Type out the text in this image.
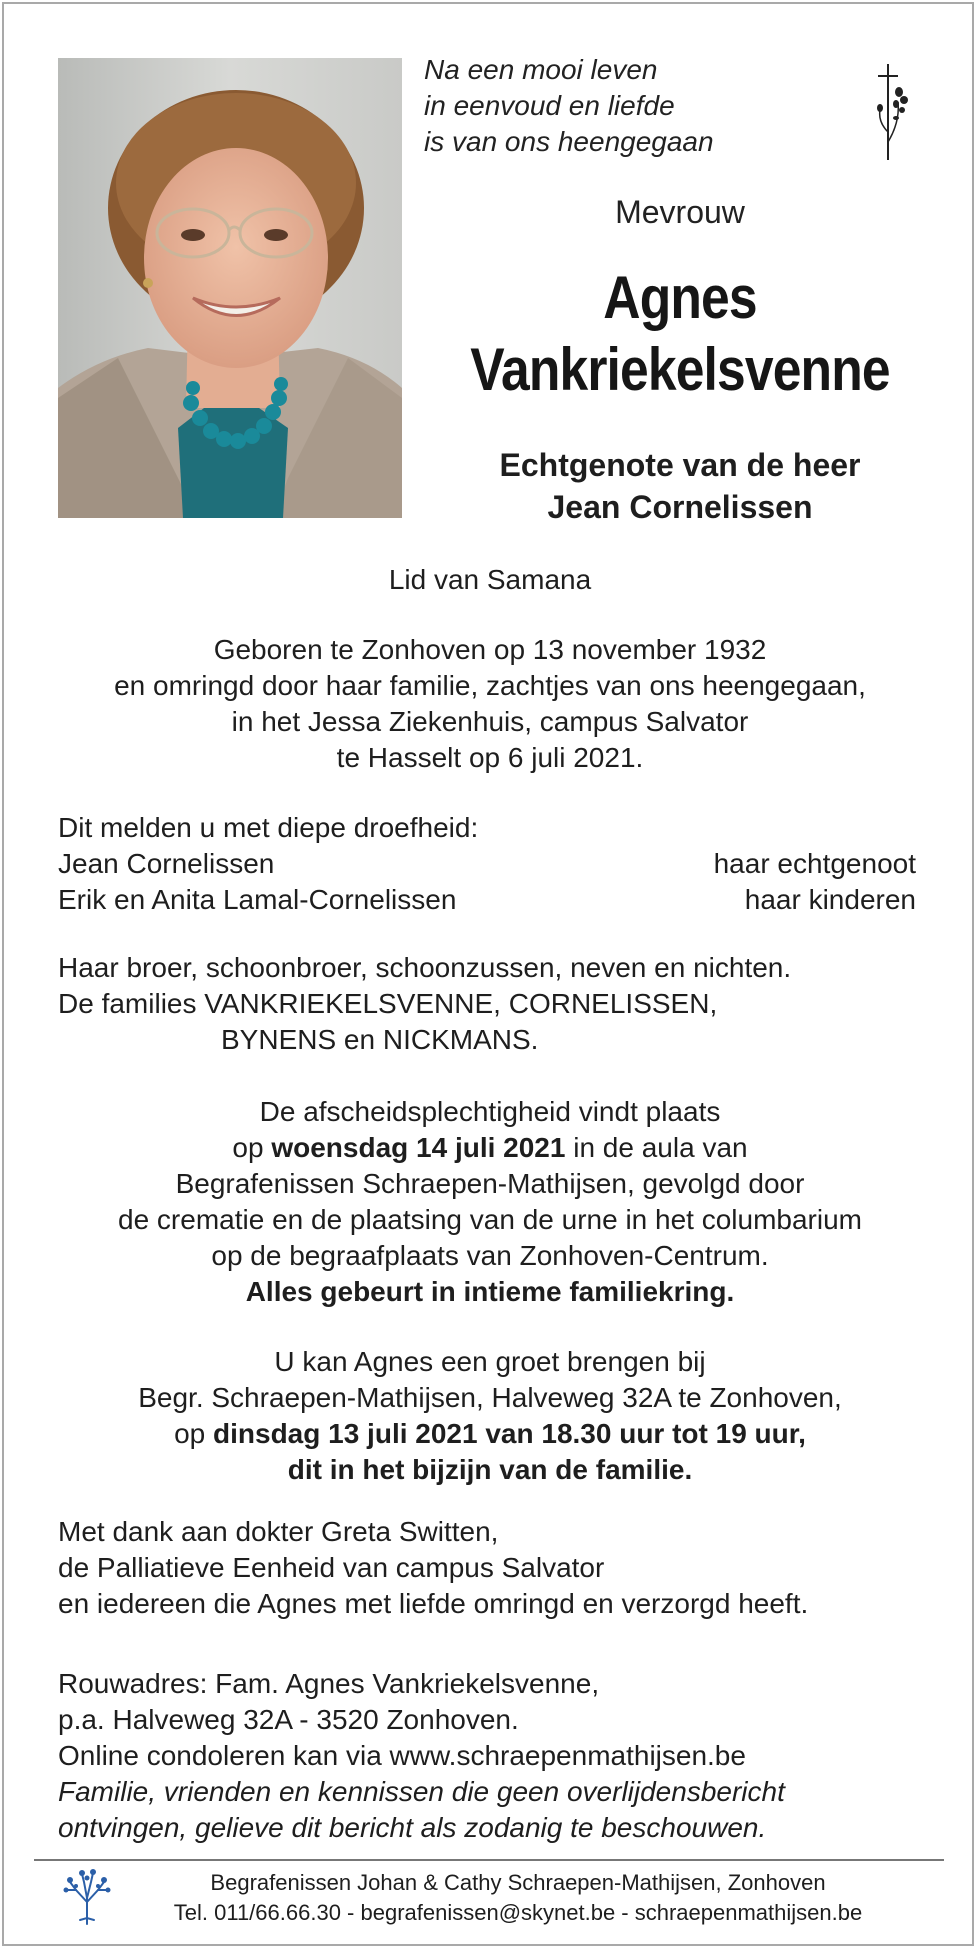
Na een mooi leven
in eenvoud en liefde
is van ons heengegaan

Mevrouw

Agnes
Vankriekelsvenne
Echtgenote van de heer
Jean Cornelissen

Lid van Samana

Geboren te Zonhoven op 13 november 1932
en omringd door haar familie, zachtjes van ons heengegaan,
in het Jessa Ziekenhuis, campus Salvator
te Hasselt op 6 juli 2021.

Dit melden u met diepe droefheid:

Jean Cornelissen	haar echtgenoot

Erik en Anita Lamal-Cornelissen	haar kinderen

Haar broer, schoonbroer, schoonzussen, neven en nichten.
De families VANKRIEKELSVENNE, CORNELISSEN,
BYNENS en NICKMANS.
De afscheidsplechtigheid vindt plaats
op woensdag 14 juli 2021 in de aula van
Begrafenissen Schraepen-Mathijsen, gevolgd door
de crematie en de plaatsing van de urne in het columbarium
op de begraafplaats van Zonhoven-Centrum.
Alles gebeurt in intieme familiekring.
U kan Agnes een groet brengen bij
Begr. Schraepen-Mathijsen, Halveweg 32A te Zonhoven,
op dinsdag 13 juli 2021 van 18.30 uur tot 19 uur,
dit in het bijzijn van de familie.
Met dank aan dokter Greta Switten,
de Palliatieve Eenheid van campus Salvator
en iedereen die Agnes met liefde omringd en verzorgd heeft.
Rouwadres: Fam. Agnes Vankriekelsvenne,
p.a. Halveweg 32A - 3520 Zonhoven.
Online condoleren kan via www.schraepenmathijsen.be
Familie, vrienden en kennissen die geen overlijdensbericht
ontvingen, gelieve dit bericht als zodanig te beschouwen.
Begrafenissen Johan & Cathy Schraepen-Mathijsen, Zonhoven
Tel. 011/66.66.30 - begrafenissen@skynet.be - schraepenmathijsen.be
